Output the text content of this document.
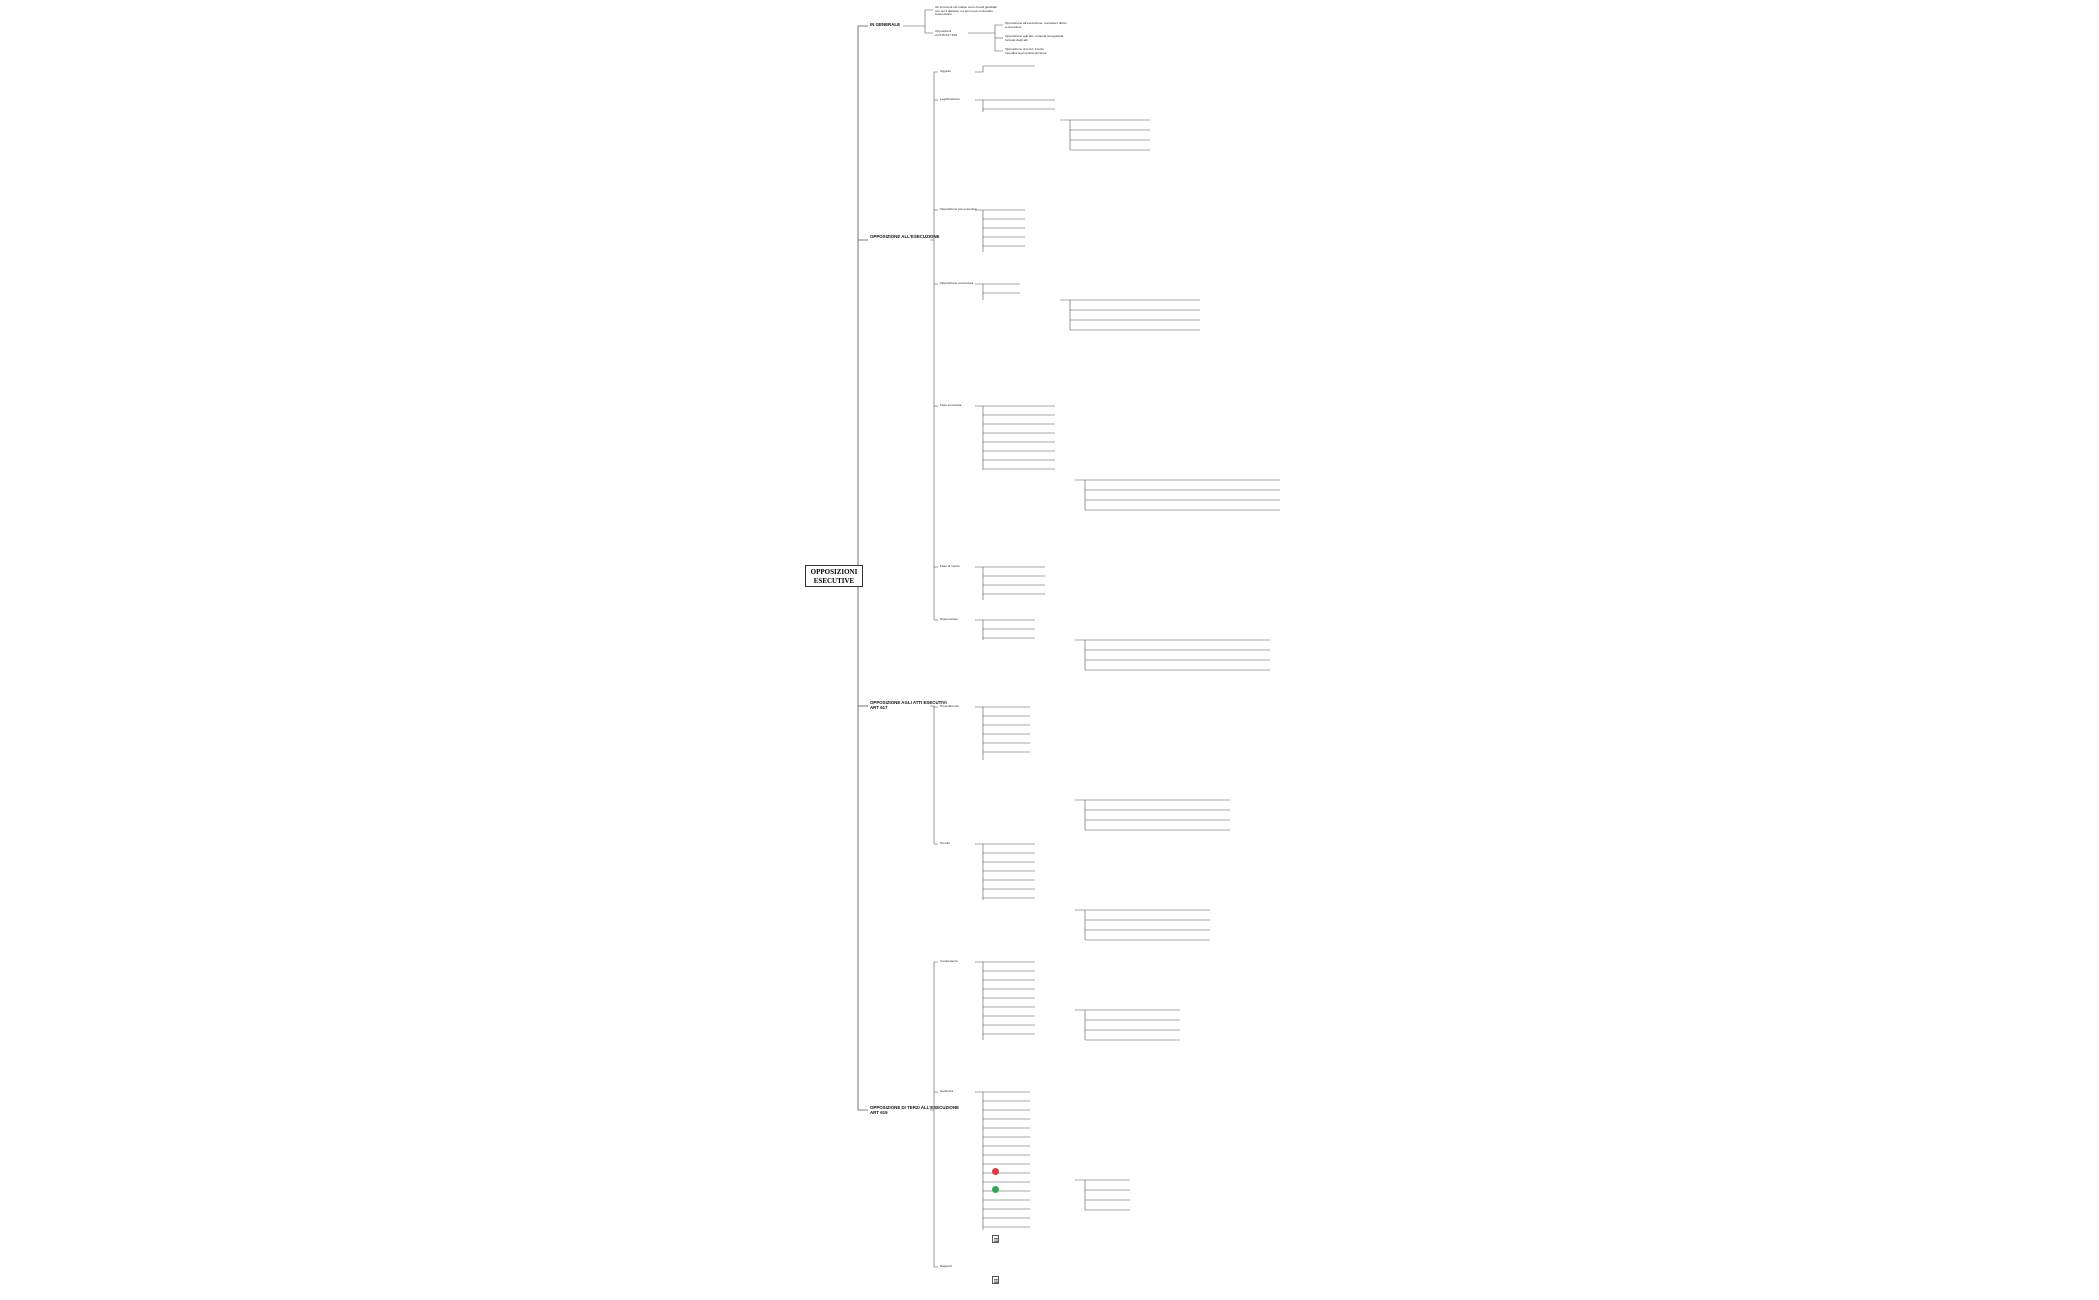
OPPOSIZIONI ESECUTIVE
IN GENERALE
OPPOSIZIONE ALL'ESECUZIONE
OPPOSIZIONE AGLI ATTI ESECUTIVI
ART 617
OPPOSIZIONE DI TERZI ALL'ESECUZIONE
ART 619
Gli strumenti nel codice sono rimedi giudiziali
con cui il debitore o il terzo può contestare
l'esecuzione
Opposizioni
art 615-617-619
Opposizione all'esecuzione: contesta il diritto
a procedere
Opposizione agli atti: contesta la regolarità
formale degli atti
Opposizione di terzo: il terzo
rivendica la proprietà del bene
Oggetto
Legittimazione
Opposizione pre-esecutiva
Opposizione successiva
Fase sommaria
Fase di merito
Sospensione
Procedimento
Termini
Competenza
Sentenza
Rapporti
